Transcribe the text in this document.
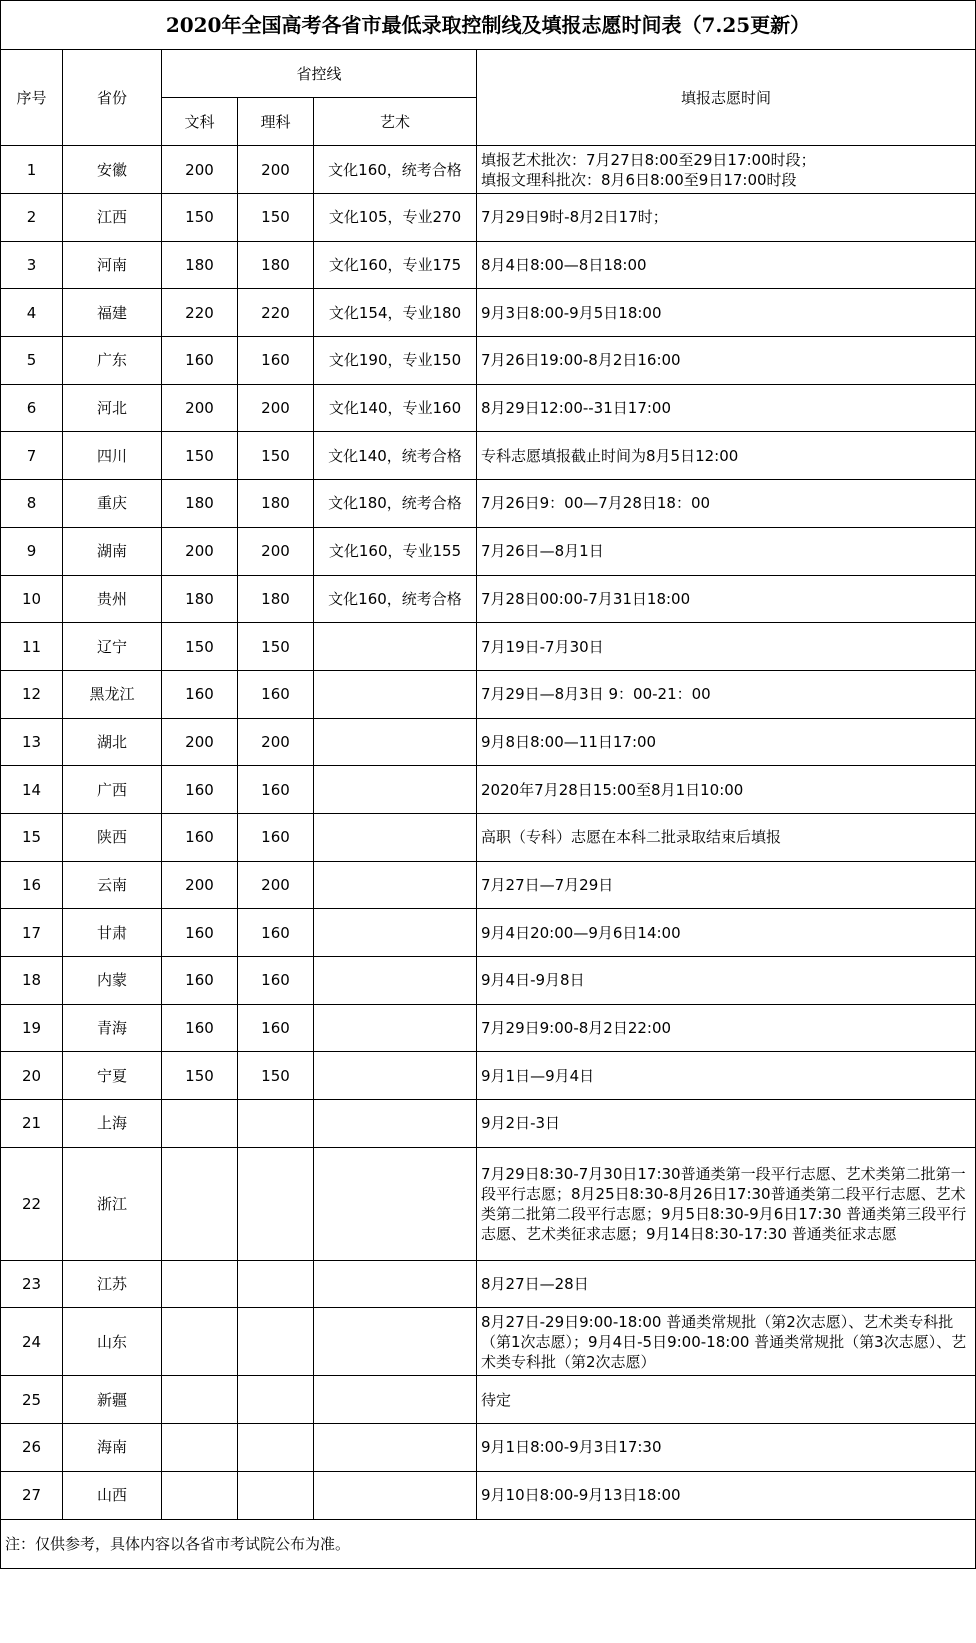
2020年全国高考各省市最低录取控制线及填报志愿时间表（7.25更新）					
序号	省份	省控线			填报志愿时间
		文科	理科	艺术	
1	安徽	200	200	文化160，统考合格	填报艺术批次：7月27日8:00至29日17:00时段；
填报文理科批次：8月6日8:00至9日17:00时段
2	江西	150	150	文化105，专业270	7月29日9时-8月2日17时；
3	河南	180	180	文化160，专业175	8月4日8:00—8日18:00
4	福建	220	220	文化154，专业180	9月3日8:00-9月5日18:00
5	广东	160	160	文化190，专业150	7月26日19:00-8月2日16:00
6	河北	200	200	文化140，专业160	8月29日12:00--31日17:00
7	四川	150	150	文化140，统考合格	专科志愿填报截止时间为8月5日12:00
8	重庆	180	180	文化180，统考合格	7月26日9：00—7月28日18：00
9	湖南	200	200	文化160，专业155	7月26日—8月1日
10	贵州	180	180	文化160，统考合格	7月28日00:00-7月31日18:00
11	辽宁	150	150		7月19日-7月30日
12	黑龙江	160	160		7月29日—8月3日 9：00-21：00
13	湖北	200	200		9月8日8:00—11日17:00
14	广西	160	160		2020年7月28日15:00至8月1日10:00
15	陕西	160	160		高职（专科）志愿在本科二批录取结束后填报
16	云南	200	200		7月27日—7月29日
17	甘肃	160	160		9月4日20:00—9月6日14:00
18	内蒙	160	160		9月4日-9月8日
19	青海	160	160		7月29日9:00-8月2日22:00
20	宁夏	150	150		9月1日—9月4日
21	上海				9月2日-3日
22	浙江				7月29日8:30-7月30日17:30普通类第一段平行志愿、艺术类第二批第一段平行志愿；8月25日8:30-8月26日17:30普通类第二段平行志愿、艺术类第二批第二段平行志愿；9月5日8:30-9月6日17:30 普通类第三段平行志愿、艺术类征求志愿；9月14日8:30-17:30 普通类征求志愿
23	江苏				8月27日—28日
24	山东				8月27日-29日9:00-18:00 普通类常规批（第2次志愿）、艺术类专科批（第1次志愿）；9月4日-5日9:00-18:00 普通类常规批（第3次志愿）、艺术类专科批（第2次志愿）
25	新疆				待定
26	海南				9月1日8:00-9月3日17:30
27	山西				9月10日8:00-9月13日18:00
注：仅供参考，具体内容以各省市考试院公布为准。					
